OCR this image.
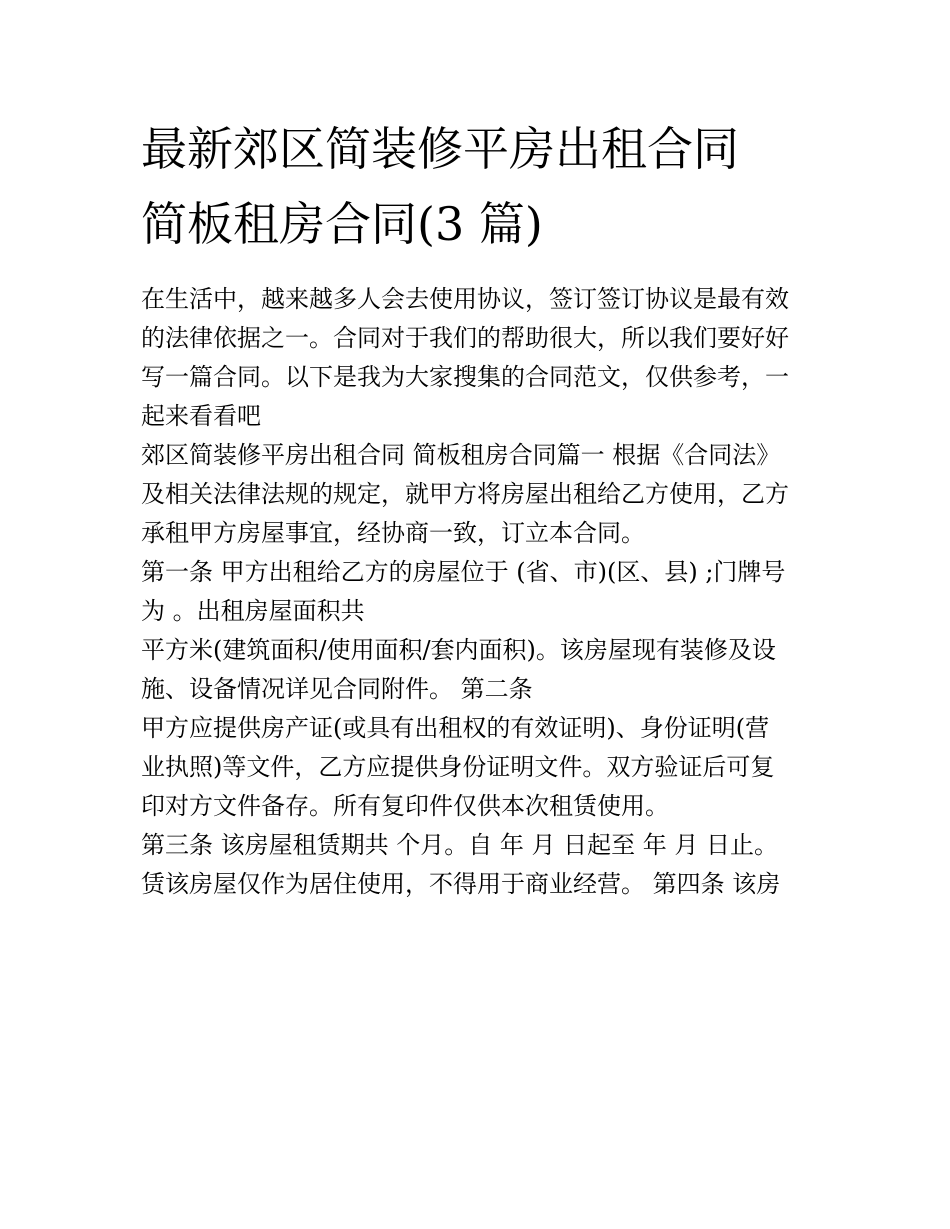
最新郊区简装修平房出租合同
简板租房合同(3 篇)
在生活中，越来越多人会去使用协议，签订签订协议是最有效
的法律依据之一。合同对于我们的帮助很大，所以我们要好好
写一篇合同。以下是我为大家搜集的合同范文，仅供参考，一
起来看看吧
郊区简装修平房出租合同 简板租房合同篇一 根据《合同法》
及相关法律法规的规定，就甲方将房屋出租给乙方使用，乙方
承租甲方房屋事宜，经协商一致，订立本合同。
第一条 甲方出租给乙方的房屋位于 (省、市)(区、县) ;门牌号
为 。出租房屋面积共
平方米(建筑面积/使用面积/套内面积)。该房屋现有装修及设
施、设备情况详见合同附件。 第二条
甲方应提供房产证(或具有出租权的有效证明)、身份证明(营
业执照)等文件，乙方应提供身份证明文件。双方验证后可复
印对方文件备存。所有复印件仅供本次租赁使用。
第三条 该房屋租赁期共 个月。自 年 月 日起至 年 月 日止。
赁该房屋仅作为居住使用，不得用于商业经营。 第四条 该房
